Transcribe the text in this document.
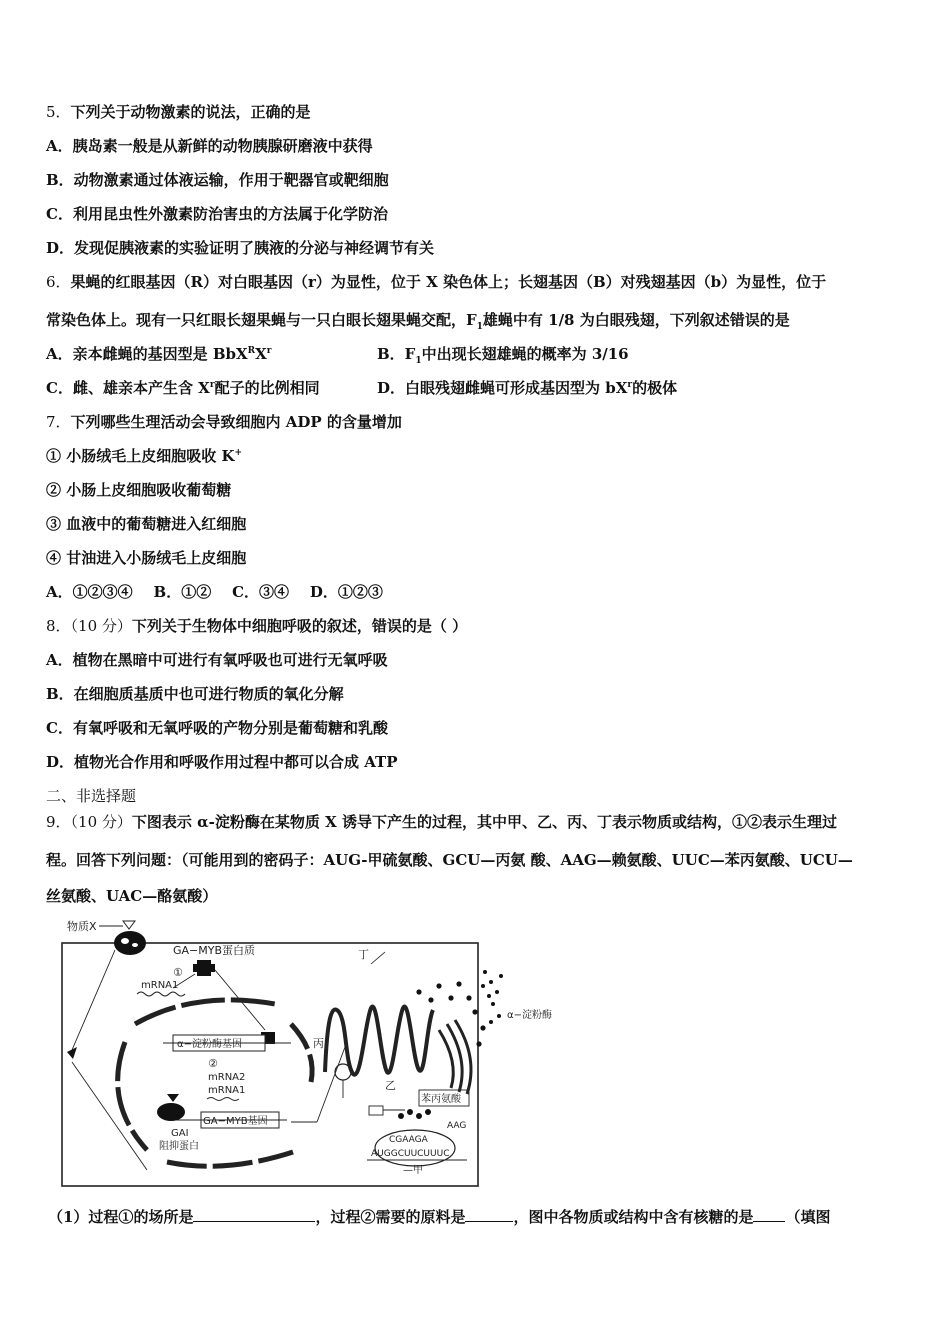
5．下列关于动物激素的说法，正确的是
A．胰岛素一般是从新鲜的动物胰腺研磨液中获得
B．动物激素通过体液运输，作用于靶器官或靶细胞
C．利用昆虫性外激素防治害虫的方法属于化学防治
D．发现促胰液素的实验证明了胰液的分泌与神经调节有关
6．果蝇的红眼基因（R）对白眼基因（r）为显性，位于 X 染色体上；长翅基因（B）对残翅基因（b）为显性，位于
常染色体上。现有一只红眼长翅果蝇与一只白眼长翅果蝇交配，$F_1$雄蝇中有 1/8 为白眼残翅，下列叙述错误的是
A．亲本雌蝇的基因型是 $BbX^RX^r$	B．$F_1$中出现长翅雄蝇的概率为 3/16
C．雌、雄亲本产生含 $X^r$配子的比例相同	D．白眼残翅雌蝇可形成基因型为 $bX^r$的极体
7．下列哪些生理活动会导致细胞内 ADP 的含量增加
① 小肠绒毛上皮细胞吸收 K+
② 小肠上皮细胞吸收葡萄糖
③ 血液中的葡萄糖进入红细胞
④ 甘油进入小肠绒毛上皮细胞
A．①②③④    B．①②    C．③④    D．①②③
8．（10 分）下列关于生物体中细胞呼吸的叙述，错误的是（ ）
A．植物在黑暗中可进行有氧呼吸也可进行无氧呼吸
B．在细胞质基质中也可进行物质的氧化分解
C．有氧呼吸和无氧呼吸的产物分别是葡萄糖和乳酸
D．植物光合作用和呼吸作用过程中都可以合成 ATP
二、非选择题
9．（10 分）下图表示 α-淀粉酶在某物质 X 诱导下产生的过程，其中甲、乙、丙、丁表示物质或结构，①②表示生理过
程。回答下列问题：（可能用到的密码子：AUG-甲硫氨酸、GCU—丙氨 酸、AAG—赖氨酸、UUC—苯丙氨酸、UCU—
丝氨酸、UAC—酪氨酸）
物质X
GA−MYB蛋白质
①
mRNA1
α−淀粉酶基因
②
mRNA2
mRNA1
GA−MYB基因
GAI
阻抑蛋白
丁
丙
乙
α−淀粉酶
苯丙氨酸
AAG
CGAAGA
AUGGCUUCUUUC
—甲
（1）过程①的场所是	，过程②需要的原料是	，图中各物质或结构中含有核糖的是 （填图
